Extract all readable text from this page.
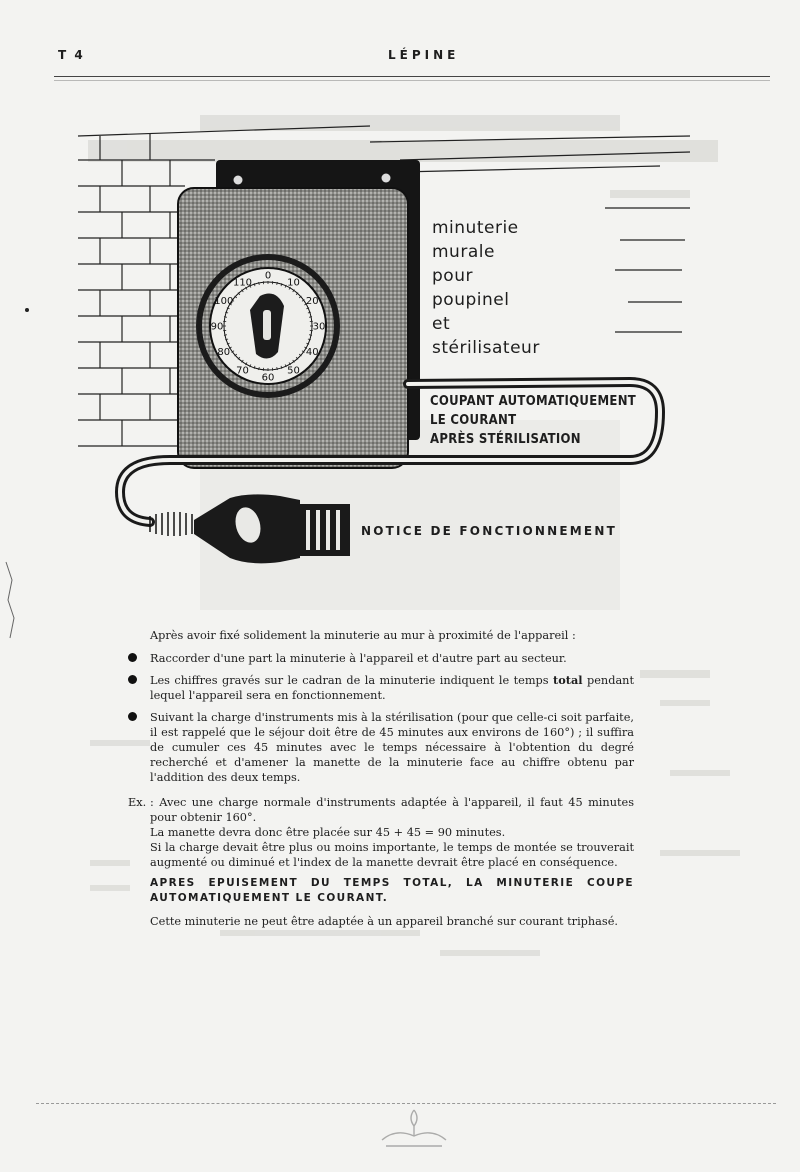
T 4	LÉPINE
0
10
20
30
40
50
60
70
80
90
100
110
minuterie
murale
pour
poupinel
et
stérilisateur
COUPANT AUTOMATIQUEMENT
LE COURANT
APRÈS STÉRILISATION
NOTICE DE FONCTIONNEMENT

Après avoir fixé solidement la minuterie au mur à proximité de l'appareil :

Raccorder d'une part la minuterie à l'appareil et d'autre part au secteur.

Les chiffres gravés sur le cadran de la minuterie indiquent le temps total pendant lequel l'appareil sera en fonctionnement.

Suivant la charge d'instruments mis à la stérilisation (pour que celle-ci soit parfaite, il est rappelé que le séjour doit être de 45 minutes aux environs de 160°) ; il suffira de cumuler ces 45 minutes avec le temps nécessaire à l'obtention du degré recherché et d'amener la manette de la minuterie face au chiffre obtenu par l'addition des deux temps.

Ex. : Avec une charge normale d'instruments adaptée à l'appareil, il faut 45 minutes pour obtenir 160°.

La manette devra donc être placée sur 45 + 45 = 90 minutes.

Si la charge devait être plus ou moins importante, le temps de montée se trouverait augmenté ou diminué et l'index de la manette devrait être placé en conséquence.

APRES EPUISEMENT DU TEMPS TOTAL, LA MINUTERIE COUPE AUTOMATIQUEMENT LE COURANT.

Cette minuterie ne peut être adaptée à un appareil branché sur courant triphasé.
